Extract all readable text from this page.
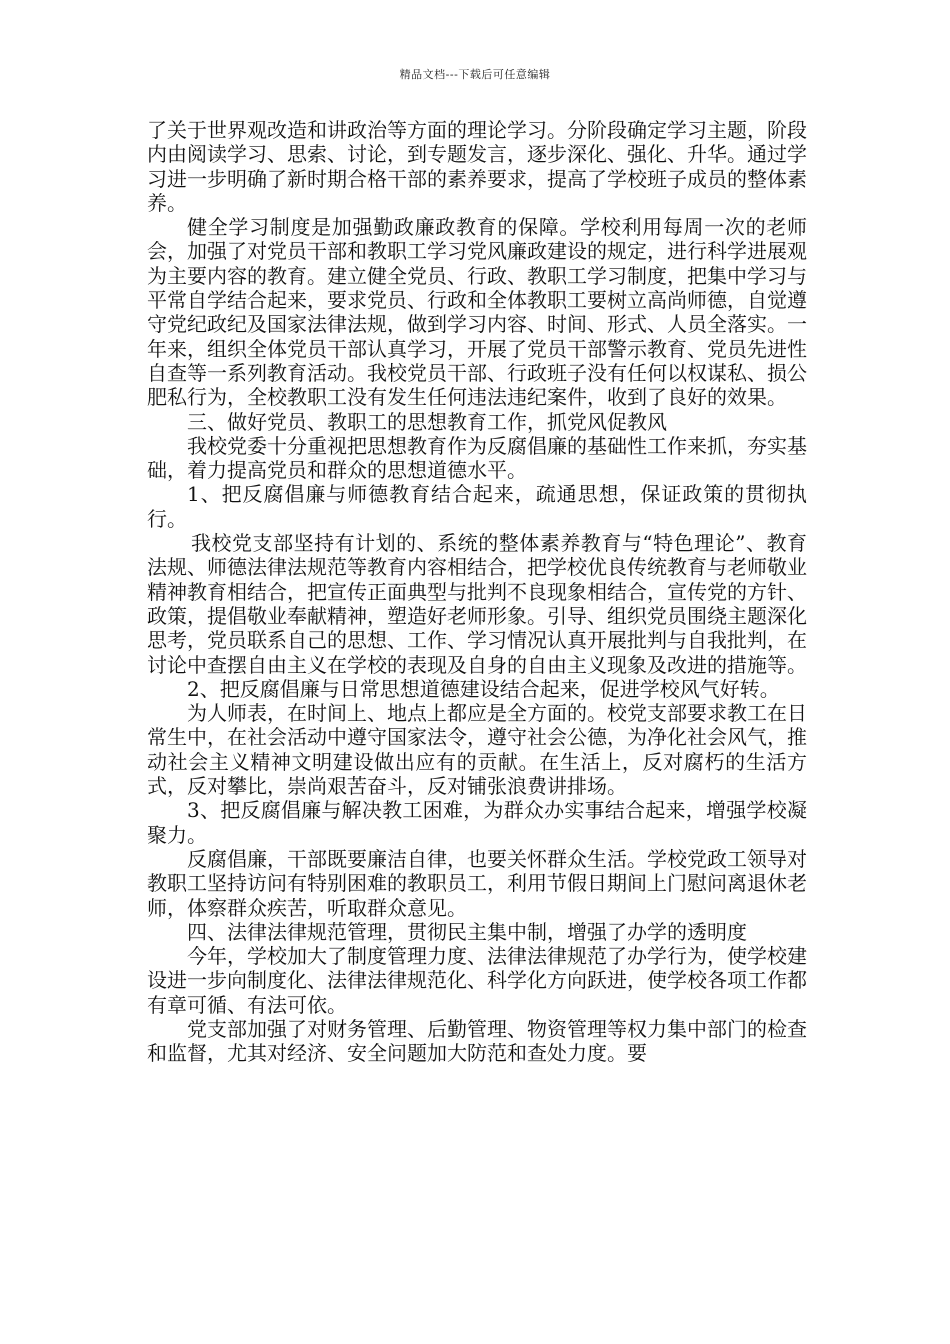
精品文档---下载后可任意编辑

了关于世界观改造和讲政治等方面的理论学习。分阶段确定学习主题，阶段内由阅读学习、思索、讨论，到专题发言，逐步深化、强化、升华。通过学习进一步明确了新时期合格干部的素养要求，提高了学校班子成员的整体素养。

健全学习制度是加强勤政廉政教育的保障。学校利用每周一次的老师会，加强了对党员干部和教职工学习党风廉政建设的规定，进行科学进展观为主要内容的教育。建立健全党员、行政、教职工学习制度，把集中学习与平常自学结合起来，要求党员、行政和全体教职工要树立高尚师德，自觉遵守党纪政纪及国家法律法规，做到学习内容、时间、形式、人员全落实。一年来，组织全体党员干部认真学习，开展了党员干部警示教育、党员先进性自查等一系列教育活动。我校党员干部、行政班子没有任何以权谋私、损公肥私行为，全校教职工没有发生任何违法违纪案件，收到了良好的效果。

三、做好党员、教职工的思想教育工作，抓党风促教风

我校党委十分重视把思想教育作为反腐倡廉的基础性工作来抓，夯实基础，着力提高党员和群众的思想道德水平。

1、把反腐倡廉与师德教育结合起来，疏通思想，保证政策的贯彻执行。

我校党支部坚持有计划的、系统的整体素养教育与“特色理论”、教育法规、师德法律法规范等教育内容相结合，把学校优良传统教育与老师敬业精神教育相结合，把宣传正面典型与批判不良现象相结合，宣传党的方针、政策，提倡敬业奉献精神，塑造好老师形象。引导、组织党员围绕主题深化思考，党员联系自己的思想、工作、学习情况认真开展批判与自我批判，在讨论中查摆自由主义在学校的表现及自身的自由主义现象及改进的措施等。

2、把反腐倡廉与日常思想道德建设结合起来，促进学校风气好转。

为人师表，在时间上、地点上都应是全方面的。校党支部要求教工在日常生中，在社会活动中遵守国家法令，遵守社会公德，为净化社会风气，推动社会主义精神文明建设做出应有的贡献。在生活上，反对腐朽的生活方式，反对攀比，崇尚艰苦奋斗，反对铺张浪费讲排场。

3、把反腐倡廉与解决教工困难，为群众办实事结合起来，增强学校凝聚力。

反腐倡廉，干部既要廉洁自律，也要关怀群众生活。学校党政工领导对教职工坚持访问有特别困难的教职员工，利用节假日期间上门慰问离退休老师，体察群众疾苦，听取群众意见。

四、法律法律规范管理，贯彻民主集中制，增强了办学的透明度

今年，学校加大了制度管理力度、法律法律规范了办学行为，使学校建设进一步向制度化、法律法律规范化、科学化方向跃进，使学校各项工作都有章可循、有法可依。

党支部加强了对财务管理、后勤管理、物资管理等权力集中部门的检查和监督，尤其对经济、安全问题加大防范和查处力度。要
